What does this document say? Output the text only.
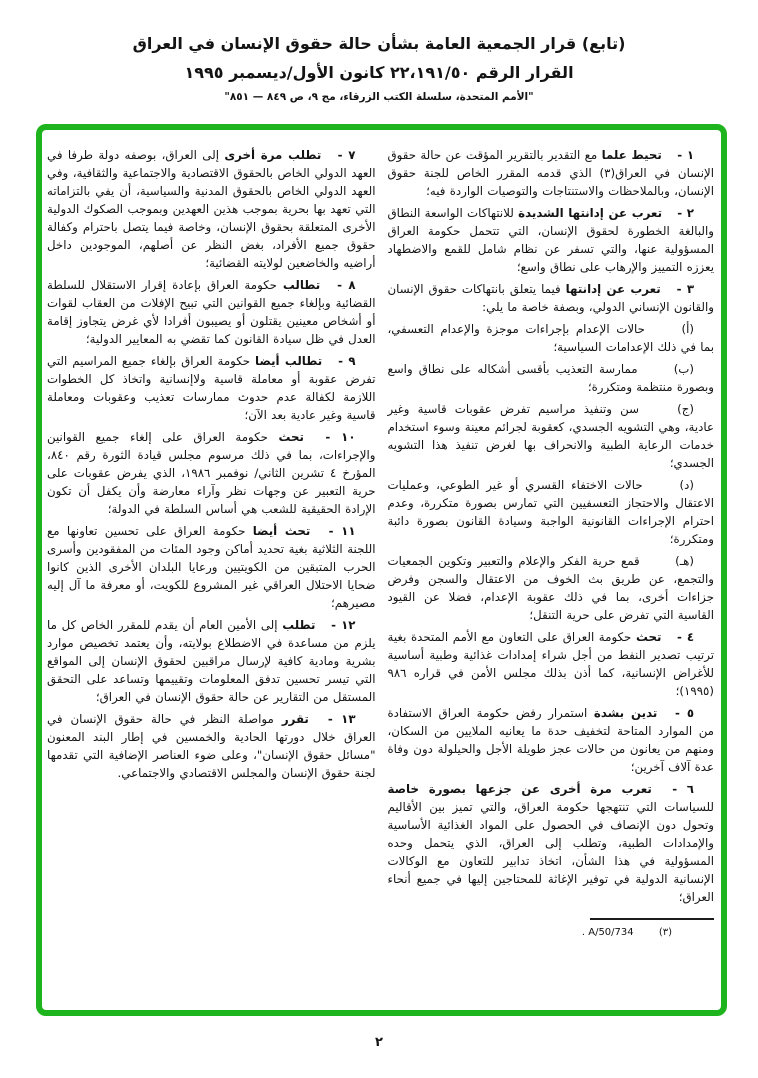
(تابع) قرار الجمعية العامة بشأن حالة حقوق الإنسان في العراق
القرار الرقم ٢٢،١٩١/٥٠ كانون الأول/ديسمبر ١٩٩٥
"الأمم المتحدة، سلسلة الكتب الزرقاء، مج ٩، ص ٨٤٩ — ٨٥١"

١ - تحيط علما مع التقدير بالتقرير المؤقت عن حالة حقوق الإنسان في العراق(٣) الذي قدمه المقرر الخاص للجنة حقوق الإنسان، وبالملاحظات والاستنتاجات والتوصيات الواردة فيه؛

٢ - تعرب عن إدانتها الشديدة للانتهاكات الواسعة النطاق والبالغة الخطورة لحقوق الإنسان، التي تتحمل حكومة العراق المسؤولية عنها، والتي تسفر عن نظام شامل للقمع والاضطهاد يعززه التمييز والإرهاب على نطاق واسع؛

٣ - تعرب عن إدانتها فيما يتعلق بانتهاكات حقوق الإنسان والقانون الإنساني الدولي، وبصفة خاصة ما يلي:

(أ) حالات الإعدام بإجراءات موجزة والإعدام التعسفي، بما في ذلك الإعدامات السياسية؛

(ب) ممارسة التعذيب بأقسى أشكاله على نطاق واسع وبصورة منتظمة ومتكررة؛

(ج) سن وتنفيذ مراسيم تفرض عقوبات قاسية وغير عادية، وهي التشويه الجسدي، كعقوبة لجرائم معينة وسوء استخدام خدمات الرعاية الطبية والانحراف بها لغرض تنفيذ هذا التشويه الجسدي؛

(د) حالات الاختفاء القسري أو غير الطوعي، وعمليات الاعتقال والاحتجاز التعسفيين التي تمارس بصورة متكررة، وعدم احترام الإجراءات القانونية الواجبة وسيادة القانون بصورة دائبة ومتكررة؛

(هـ) قمع حرية الفكر والإعلام والتعبير وتكوين الجمعيات والتجمع، عن طريق بث الخوف من الاعتقال والسجن وفرض جزاءات أخرى، بما في ذلك عقوبة الإعدام، فضلا عن القيود القاسية التي تفرض على حرية التنقل؛

٤ - تحث حكومة العراق على التعاون مع الأمم المتحدة بغية ترتيب تصدير النفط من أجل شراء إمدادات غذائية وطبية أساسية للأغراض الإنسانية، كما أذن بذلك مجلس الأمن في قراره ٩٨٦ (١٩٩٥)؛

٥ - تدين بشدة استمرار رفض حكومة العراق الاستفادة من الموارد المتاحة لتخفيف حدة ما يعانيه الملايين من السكان، ومنهم من يعانون من حالات عجز طويلة الأجل والحيلولة دون وفاة عدة آلاف آخرين؛

٦ - تعرب مرة أخرى عن جزعها بصورة خاصة للسياسات التي تنتهجها حكومة العراق، والتي تميز بين الأقاليم وتحول دون الإنصاف في الحصول على المواد الغذائية الأساسية والإمدادات الطبية، وتطلب إلى العراق، الذي يتحمل وحده المسؤولية في هذا الشأن، اتخاذ تدابير للتعاون مع الوكالات الإنسانية الدولية في توفير الإغاثة للمحتاجين إليها في جميع أنحاء العراق؛

(٣) A/50/734 .

٧ - تطلب مرة أخرى إلى العراق، بوصفه دولة طرفا في العهد الدولي الخاص بالحقوق الاقتصادية والاجتماعية والثقافية، وفي العهد الدولي الخاص بالحقوق المدنية والسياسية، أن يفي بالتزاماته التي تعهد بها بحرية بموجب هذين العهدين وبموجب الصكوك الدولية الأخرى المتعلقة بحقوق الإنسان، وخاصة فيما يتصل باحترام وكفالة حقوق جميع الأفراد، بغض النظر عن أصلهم، الموجودين داخل أراضيه والخاضعين لولايته القضائية؛

٨ - تطالب حكومة العراق بإعادة إقرار الاستقلال للسلطة القضائية وبإلغاء جميع القوانين التي تبيح الإفلات من العقاب لقوات أو أشخاص معينين يقتلون أو يصيبون أفرادا لأي غرض يتجاوز إقامة العدل في ظل سيادة القانون كما تقضي به المعايير الدولية؛

٩ - تطالب أيضا حكومة العراق بإلغاء جميع المراسيم التي تفرض عقوبة أو معاملة قاسية ولاإنسانية واتخاذ كل الخطوات اللازمة لكفالة عدم حدوث ممارسات تعذيب وعقوبات ومعاملة قاسية وغير عادية بعد الآن؛

١٠ - تحث حكومة العراق على إلغاء جميع القوانين والإجراءات، بما في ذلك مرسوم مجلس قيادة الثورة رقم ٨٤٠، المؤرخ ٤ تشرين الثاني/ نوفمبر ١٩٨٦، الذي يفرض عقوبات على حرية التعبير عن وجهات نظر وآراء معارضة وأن يكفل أن تكون الإرادة الحقيقية للشعب هي أساس السلطة في الدولة؛

١١ - تحث أيضا حكومة العراق على تحسين تعاونها مع اللجنة الثلاثية بغية تحديد أماكن وجود المئات من المفقودين وأسرى الحرب المتبقين من الكويتيين ورعايا البلدان الأخرى الذين كانوا ضحايا الاحتلال العراقي غير المشروع للكويت، أو معرفة ما آل إليه مصيرهم؛

١٢ - تطلب إلى الأمين العام أن يقدم للمقرر الخاص كل ما يلزم من مساعدة في الاضطلاع بولايته، وأن يعتمد تخصيص موارد بشرية ومادية كافية لإرسال مراقبين لحقوق الإنسان إلى المواقع التي تيسر تحسين تدفق المعلومات وتقييمها وتساعد على التحقق المستقل من التقارير عن حالة حقوق الإنسان في العراق؛

١٣ - تقرر مواصلة النظر في حالة حقوق الإنسان في العراق خلال دورتها الحادية والخمسين في إطار البند المعنون "مسائل حقوق الإنسان"، وعلى ضوء العناصر الإضافية التي تقدمها لجنة حقوق الإنسان والمجلس الاقتصادي والاجتماعي.

٢
